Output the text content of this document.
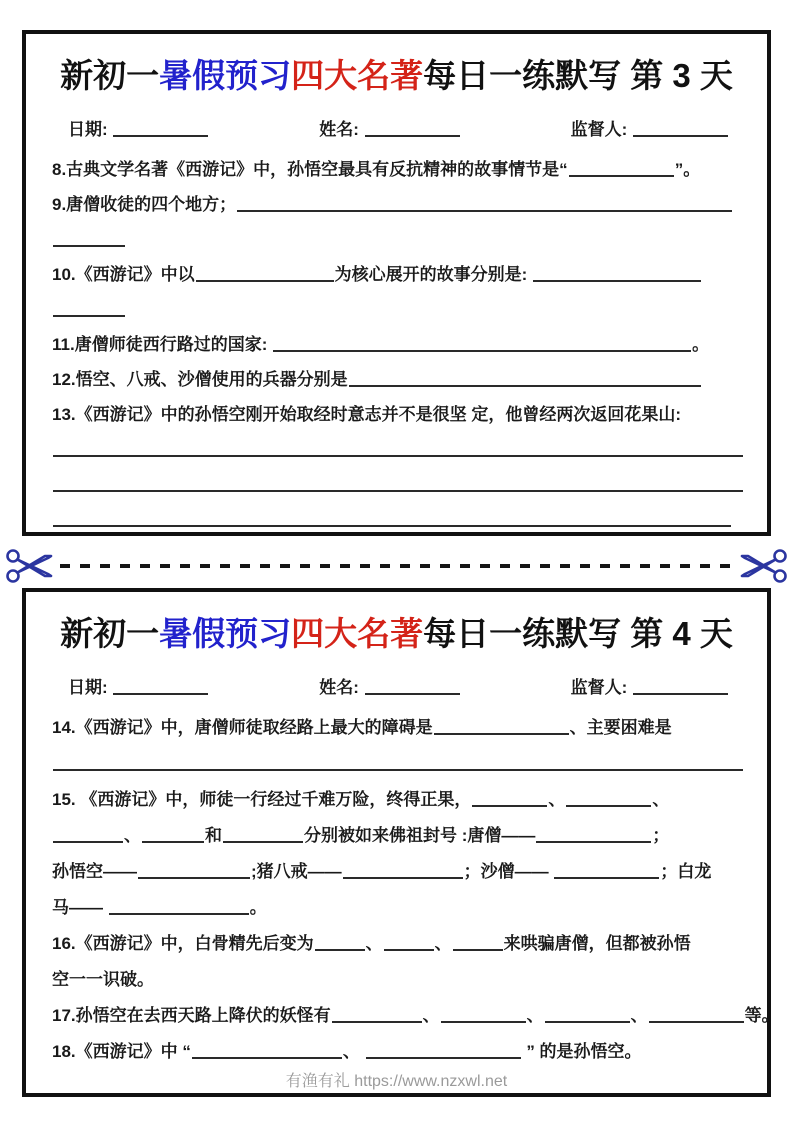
新初一暑假预习四大名著每日一练默写 第 3 天
日期:	姓名:	监督人:
8.古典文学名著《西游记》中，孙悟空最具有反抗精神的故事情节是“	”。
9.唐僧收徒的四个地方；
10.《西游记》中以	为核心展开的故事分别是:
11.唐僧师徒西行路过的国家:	。
12.悟空、八戒、沙僧使用的兵器分别是
13.《西游记》中的孙悟空刚开始取经时意志并不是很坚 定，他曾经两次返回花果山:
新初一暑假预习四大名著每日一练默写 第 4 天
日期:	姓名:	监督人:
14.《西游记》中，唐僧师徒取经路上最大的障碍是	、主要困难是
15. 《西游记》中，师徒一行经过千难万险，终得正果，	、	、
、	和	分别被如来佛祖封号 :唐僧——	；
孙悟空——	;猪八戒——	；沙僧——	；白龙
马——	。
16.《西游记》中，白骨精先后变为	、	、	来哄骗唐僧，但都被孙悟
空一一识破。
17.孙悟空在去西天路上降伏的妖怪有	、	、	、	等。
18.《西游记》中 “	、	” 的是孙悟空。
有渔有礼 https://www.nzxwl.net
